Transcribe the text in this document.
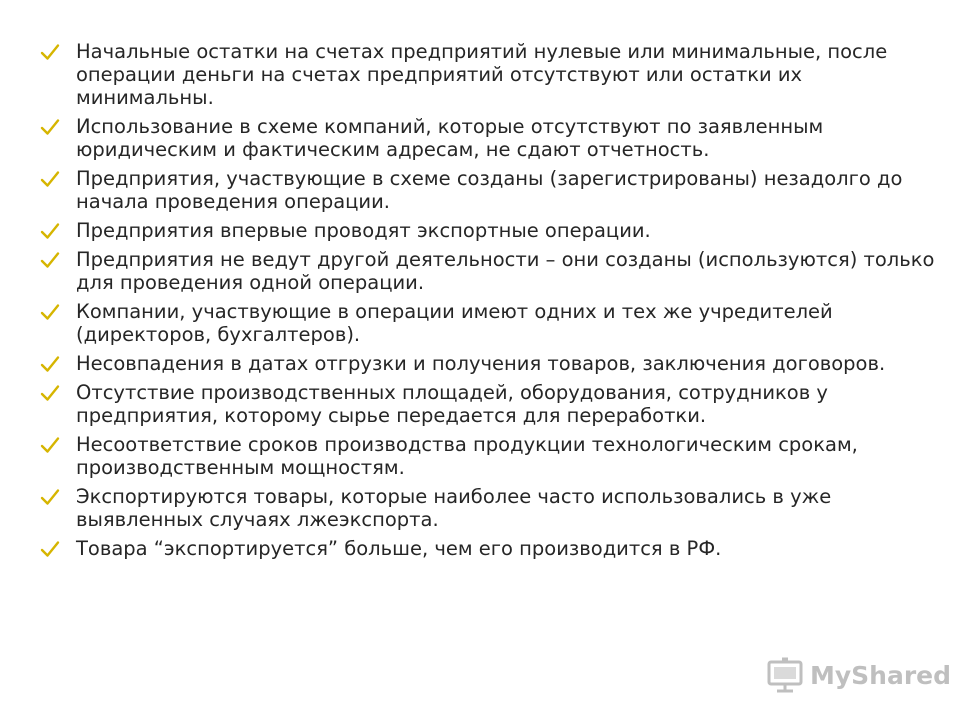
Начальные остатки на счетах предприятий нулевые или минимальные, после операции деньги на счетах предприятий отсутствуют или остатки их минимальны.
Использование в схеме компаний, которые отсутствуют по заявленным юридическим и фактическим адресам, не сдают отчетность.
Предприятия, участвующие в схеме созданы (зарегистрированы) незадолго до начала проведения операции.
Предприятия впервые проводят экспортные операции.
Предприятия не ведут другой деятельности – они созданы (используются) только для проведения одной операции.
Компании, участвующие в операции имеют одних и тех же учредителей (директоров, бухгалтеров).
Несовпадения в датах отгрузки и получения товаров, заключения договоров.
Отсутствие производственных площадей, оборудования, сотрудников у предприятия, которому сырье передается для переработки.
Несоответствие сроков производства продукции технологическим срокам, производственным мощностям.
Экспортируются товары, которые наиболее часто использовались в уже выявленных случаях лжеэкспорта.
Товара “экспортируется” больше, чем его производится в РФ.
MyShared
